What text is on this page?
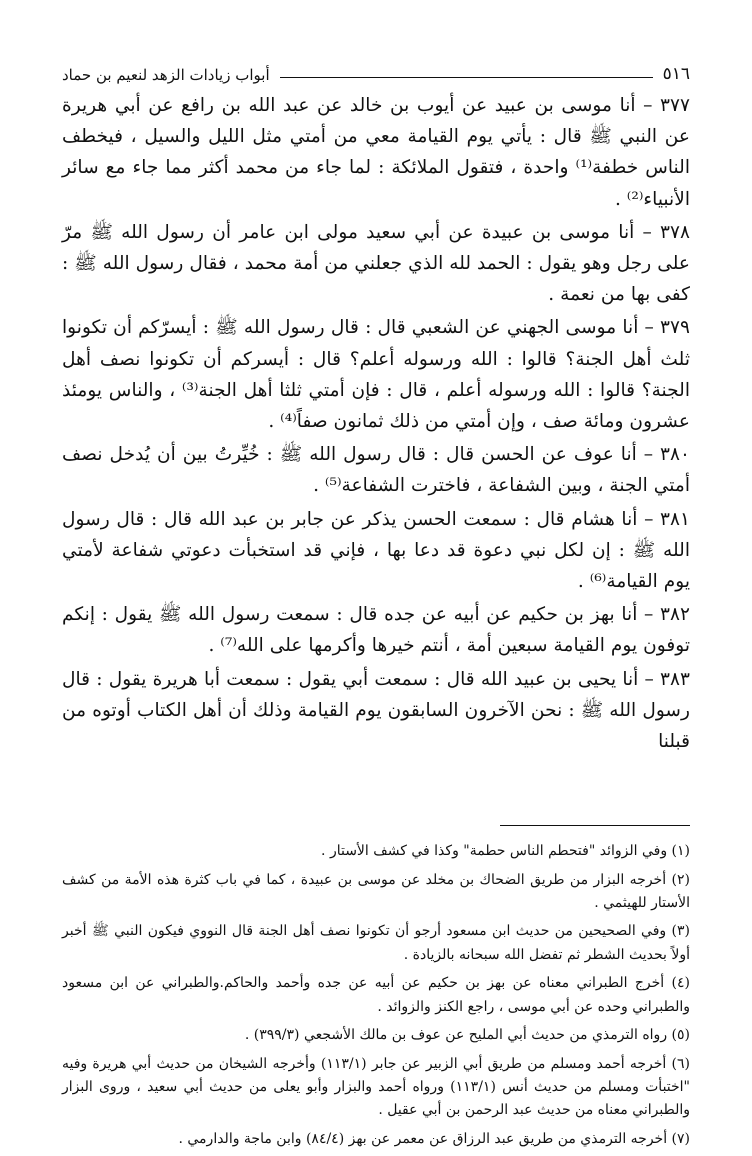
٥١٦
أبواب زيادات الزهد لنعيم بن حماد

٣٧٧ – أنا موسى بن عبيد عن أيوب بن خالد عن عبد الله بن رافع عن أبي هريرة عن النبي ﷺ قال : يأتي يوم القيامة معي من أمتي مثل الليل والسيل ، فيخطف الناس خطفة⁽¹⁾ واحدة ، فتقول الملائكة : لما جاء من محمد أكثر مما جاء مع سائر الأنبياء⁽²⁾ .

٣٧٨ – أنا موسى بن عبيدة عن أبي سعيد مولى ابن عامر أن رسول الله ﷺ مرّ على رجل وهو يقول : الحمد لله الذي جعلني من أمة محمد ، فقال رسول الله ﷺ : كفى بها من نعمة .

٣٧٩ – أنا موسى الجهني عن الشعبي قال : قال رسول الله ﷺ : أيسرّكم أن تكونوا ثلث أهل الجنة؟ قالوا : الله ورسوله أعلم؟ قال : أيسركم أن تكونوا نصف أهل الجنة؟ قالوا : الله ورسوله أعلم ، قال : فإن أمتي ثلثا أهل الجنة⁽³⁾ ، والناس يومئذ عشرون ومائة صف ، وإن أمتي من ذلك ثمانون صفاً⁽⁴⁾ .

٣٨٠ – أنا عوف عن الحسن قال : قال رسول الله ﷺ : خُيِّرتُ بين أن يُدخل نصف أمتي الجنة ، وبين الشفاعة ، فاخترت الشفاعة⁽⁵⁾ .

٣٨١ – أنا هشام قال : سمعت الحسن يذكر عن جابر بن عبد الله قال : قال رسول الله ﷺ : إن لكل نبي دعوة قد دعا بها ، فإني قد استخبأت دعوتي شفاعة لأمتي يوم القيامة⁽⁶⁾ .

٣٨٢ – أنا بهز بن حكيم عن أبيه عن جده قال : سمعت رسول الله ﷺ يقول : إنكم توفون يوم القيامة سبعين أمة ، أنتم خيرها وأكرمها على الله⁽⁷⁾ .

٣٨٣ – أنا يحيى بن عبيد الله قال : سمعت أبي يقول : سمعت أبا هريرة يقول : قال رسول الله ﷺ : نحن الآخرون السابقون يوم القيامة وذلك أن أهل الكتاب أوتوه من قبلنا

(١) وفي الزوائد "فتحطم الناس حطمة" وكذا في كشف الأستار .

(٢) أخرجه البزار من طريق الضحاك بن مخلد عن موسى بن عبيدة ، كما في باب كثرة هذه الأمة من كشف الأستار للهيثمي .

(٣) وفي الصحيحين من حديث ابن مسعود أرجو أن تكونوا نصف أهل الجنة قال النووي فيكون النبي ﷺ أخبر أولاً بحديث الشطر ثم تفضل الله سبحانه بالزيادة .

(٤) أخرج الطبراني معناه عن بهز بن حكيم عن أبيه عن جده وأحمد والحاكم.والطبراني عن ابن مسعود والطبراني وحده عن أبي موسى ، راجع الكنز والزوائد .

(٥) رواه الترمذي من حديث أبي المليح عن عوف بن مالك الأشجعي (٣٩٩/٣) .

(٦) أخرجه أحمد ومسلم من طريق أبي الزبير عن جابر (١١٣/١) وأخرجه الشيخان من حديث أبي هريرة وفيه "اختبأت ومسلم من حديث أنس (١١٣/١) ورواه أحمد والبزار وأبو يعلى من حديث أبي سعيد ، وروى البزار والطبراني معناه من حديث عبد الرحمن بن أبي عقيل .

(٧) أخرجه الترمذي من طريق عبد الرزاق عن معمر عن بهز (٨٤/٤) وابن ماجة والدارمي .
